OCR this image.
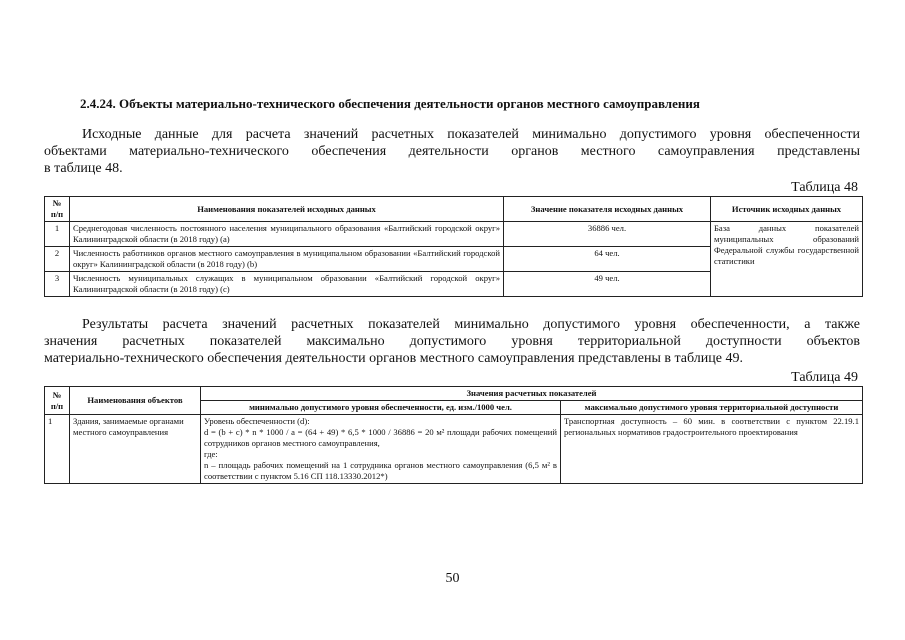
2.4.24. Объекты материально-технического обеспечения деятельности органов местного самоуправления
Исходные данные для расчета значений расчетных показателей минимально допустимого уровня обеспеченности
объектами материально-технического обеспечения деятельности органов местного самоуправления представлены
в таблице 48.
Таблица 48
№ п/п	Наименования показателей исходных данных	Значение показателя исходных данных	Источник исходных данных
1	Среднегодовая численность постоянного населения муниципального образования «Балтийский городской округ» Калининградской области (в 2018 году) (a)	36886 чел.	База данных показателей муниципальных образований Федеральной службы государственной статистики
2	Численность работников органов местного самоуправления в муниципальном образовании «Балтийский городской округ» Калининградской области (в 2018 году) (b)	64 чел.	
3	Численность муниципальных служащих в муниципальном образовании «Балтийский городской округ» Калининградской области (в 2018 году) (c)	49 чел.	
Результаты расчета значений расчетных показателей минимально допустимого уровня обеспеченности, а также
значения расчетных показателей максимально допустимого уровня территориальной доступности объектов
материально-технического обеспечения деятельности органов местного самоуправления представлены в таблице 49.
Таблица 49
№ п/п	Наименования объектов	Значения расчетных показателей	
		минимально допустимого уровня обеспеченности, ед. изм./1000 чел.	максимально допустимого уровня территориальной доступности
1	Здания, занимаемые органами местного самоуправления	Уровень обеспеченности (d):
d = (b + c) * n * 1000 / a = (64 + 49) * 6,5 * 1000 / 36886 = 20 м² площади рабочих помещений сотрудников органов местного самоуправления,
где:
n – площадь рабочих помещений на 1 сотрудника органов местного самоуправления (6,5 м² в соответствии с пунктом 5.16 СП 118.13330.2012*)	Транспортная доступность – 60 мин. в соответствии с пунктом 22.19.1 региональных нормативов градостроительного проектирования
50
